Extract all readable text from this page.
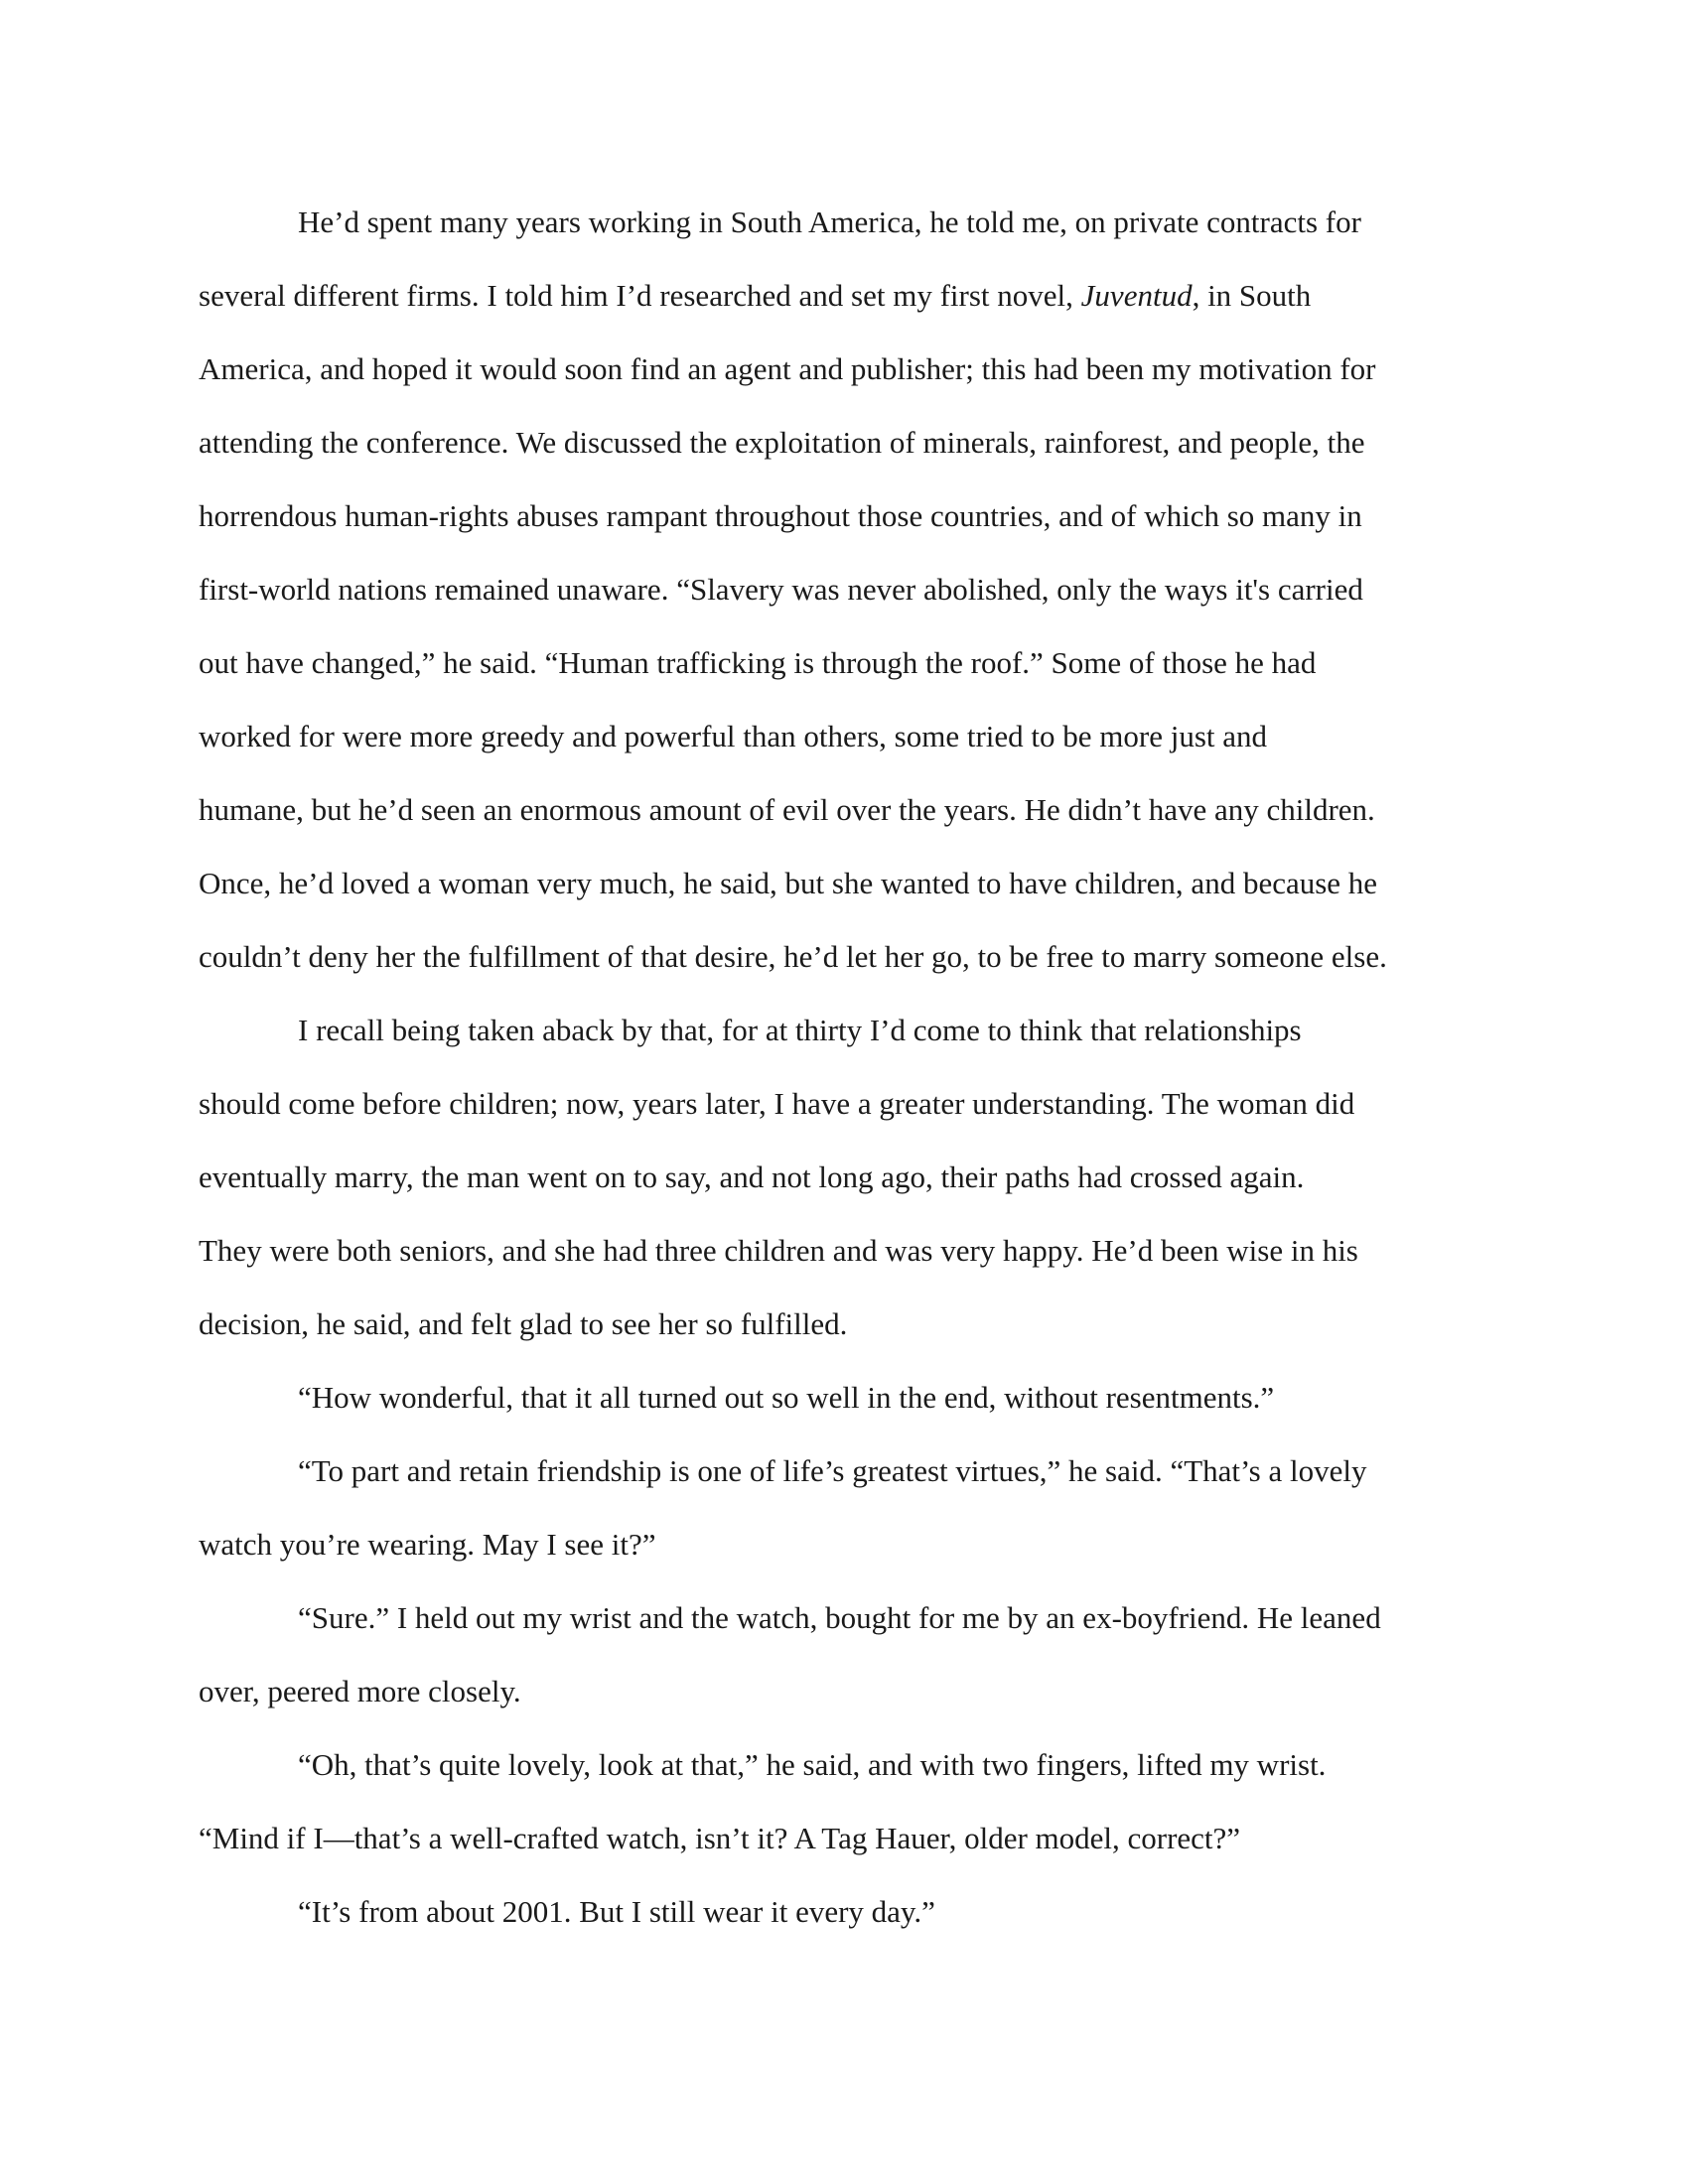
He’d spent many years working in South America, he told me, on private contracts for
several different firms. I told him I’d researched and set my first novel, Juventud, in South
America, and hoped it would soon find an agent and publisher; this had been my motivation for
attending the conference. We discussed the exploitation of minerals, rainforest, and people, the
horrendous human-rights abuses rampant throughout those countries, and of which so many in
first-world nations remained unaware. “Slavery was never abolished, only the ways it's carried
out have changed,” he said. “Human trafficking is through the roof.” Some of those he had
worked for were more greedy and powerful than others, some tried to be more just and
humane, but he’d seen an enormous amount of evil over the years. He didn’t have any children.
Once, he’d loved a woman very much, he said, but she wanted to have children, and because he
couldn’t deny her the fulfillment of that desire, he’d let her go, to be free to marry someone else.
I recall being taken aback by that, for at thirty I’d come to think that relationships
should come before children; now, years later, I have a greater understanding. The woman did
eventually marry, the man went on to say, and not long ago, their paths had crossed again.
They were both seniors, and she had three children and was very happy. He’d been wise in his
decision, he said, and felt glad to see her so fulfilled.
“How wonderful, that it all turned out so well in the end, without resentments.”
“To part and retain friendship is one of life’s greatest virtues,” he said. “That’s a lovely
watch you’re wearing. May I see it?”
“Sure.” I held out my wrist and the watch, bought for me by an ex-boyfriend. He leaned
over, peered more closely.
“Oh, that’s quite lovely, look at that,” he said, and with two fingers, lifted my wrist.
“Mind if I—that’s a well-crafted watch, isn’t it? A Tag Hauer, older model, correct?”
“It’s from about 2001. But I still wear it every day.”
